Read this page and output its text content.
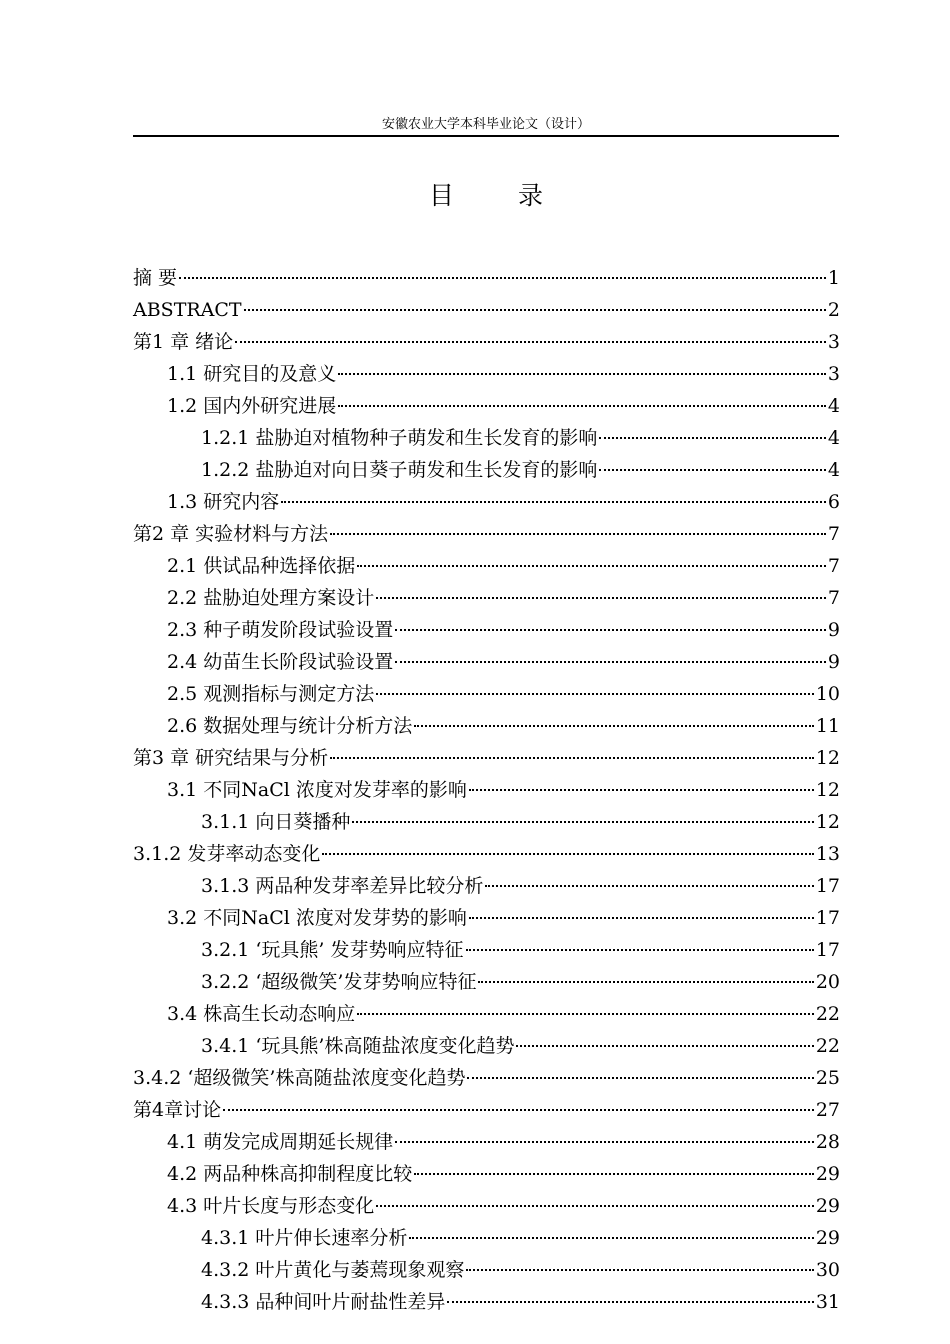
安徽农业大学本科毕业论文（设计）
目 录
摘 要	1
ABSTRACT	2
第1 章 绪论	3
1.1 研究目的及意义	3
1.2 国内外研究进展	4
1.2.1 盐胁迫对植物种子萌发和生长发育的影响	4
1.2.2 盐胁迫对向日葵子萌发和生长发育的影响	4
1.3 研究内容	6
第2 章 实验材料与方法	7
2.1 供试品种选择依据	7
2.2 盐胁迫处理方案设计	7
2.3 种子萌发阶段试验设置	9
2.4 幼苗生长阶段试验设置	9
2.5 观测指标与测定方法	10
2.6 数据处理与统计分析方法	11
第3 章 研究结果与分析	12
3.1 不同NaCl 浓度对发芽率的影响	12
3.1.1 向日葵播种	12
3.1.2 发芽率动态变化	13
3.1.3 两品种发芽率差异比较分析	17
3.2 不同NaCl 浓度对发芽势的影响	17
3.2.1 ‘玩具熊’ 发芽势响应特征	17
3.2.2 ‘超级微笑’发芽势响应特征	20
3.4 株高生长动态响应	22
3.4.1 ‘玩具熊’株高随盐浓度变化趋势	22
3.4.2 ‘超级微笑’株高随盐浓度变化趋势	25
第4章讨论	27
4.1 萌发完成周期延长规律	28
4.2 两品种株高抑制程度比较	29
4.3 叶片长度与形态变化	29
4.3.1 叶片伸长速率分析	29
4.3.2 叶片黄化与萎蔫现象观察	30
4.3.3 品种间叶片耐盐性差异	31
